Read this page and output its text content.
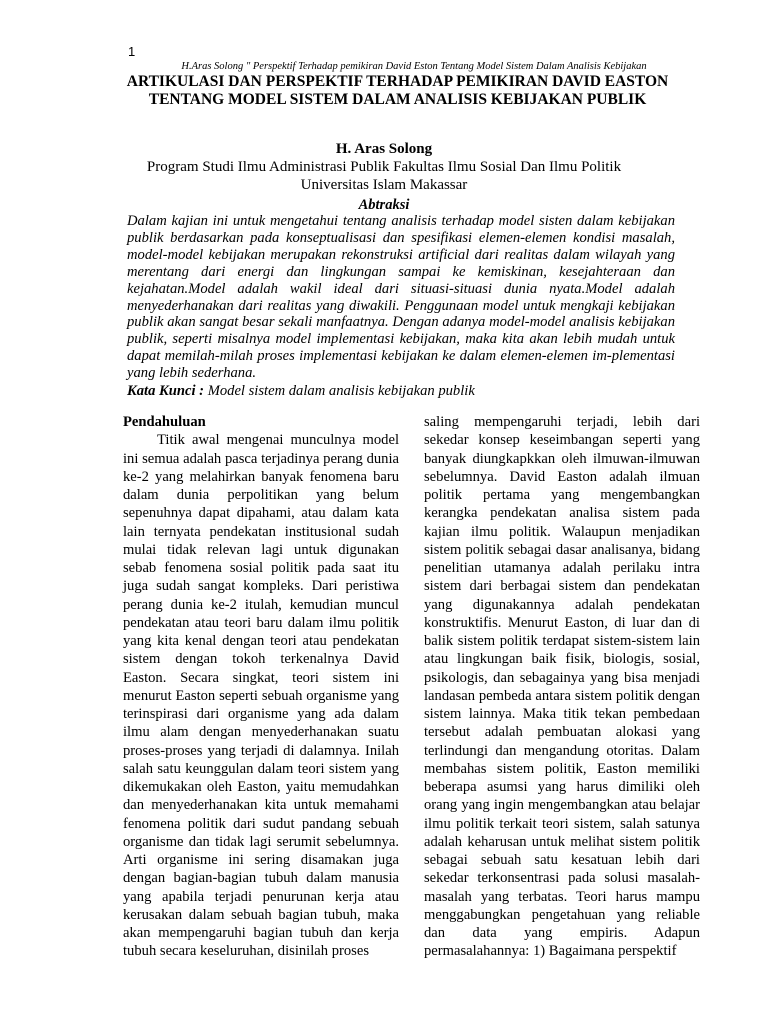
1
H.Aras Solong " Perspektif Terhadap pemikiran David Eston Tentang Model Sistem Dalam Analisis Kebijakan
ARTIKULASI DAN PERSPEKTIF TERHADAP PEMIKIRAN DAVID EASTON TENTANG MODEL SISTEM DALAM ANALISIS KEBIJAKAN PUBLIK
H. Aras Solong
Program Studi Ilmu Administrasi Publik Fakultas Ilmu Sosial Dan Ilmu Politik
Universitas Islam Makassar
Abtraksi
Dalam kajian ini untuk mengetahui tentang analisis terhadap model sisten dalam kebijakan publik berdasarkan pada konseptualisasi dan spesifikasi elemen-elemen kondisi masalah, model-model kebijakan merupakan rekonstruksi artificial dari realitas dalam wilayah yang merentang dari energi dan lingkungan sampai ke kemiskinan, kesejahteraan dan kejahatan.Model adalah wakil ideal dari situasi-situasi dunia nyata.Model adalah menyederhanakan dari realitas yang diwakili. Penggunaan model untuk mengkaji kebijakan publik akan sangat besar sekali manfaatnya. Dengan adanya model-model analisis kebijakan publik, seperti misalnya model implementasi kebijakan, maka kita akan lebih mudah untuk dapat memilah-milah proses implementasi kebijakan ke dalam elemen-elemen im-plementasi yang lebih sederhana.
Kata Kunci : Model sistem dalam analisis kebijakan publik

Pendahuluan

Titik awal mengenai munculnya model ini semua adalah pasca terjadinya perang dunia ke-2 yang melahirkan banyak fenomena baru dalam dunia perpolitikan yang belum sepenuhnya dapat dipahami, atau dalam kata lain ternyata pendekatan institusional sudah mulai tidak relevan lagi untuk digunakan sebab fenomena sosial politik pada saat itu juga sudah sangat kompleks. Dari peristiwa perang dunia ke-2 itulah, kemudian muncul pendekatan atau teori baru dalam ilmu politik yang kita kenal dengan teori atau pendekatan sistem dengan tokoh terkenalnya David Easton. Secara singkat, teori sistem ini menurut Easton seperti sebuah organisme yang terinspirasi dari organisme yang ada dalam ilmu alam dengan menyederhanakan suatu proses-proses yang terjadi di dalamnya. Inilah salah satu keunggulan dalam teori sistem yang dikemukakan oleh Easton, yaitu memudahkan dan menyederhanakan kita untuk memahami fenomena politik dari sudut pandang sebuah organisme dan tidak lagi serumit sebelumnya. Arti organisme ini sering disamakan juga dengan bagian-bagian tubuh dalam manusia yang apabila terjadi penurunan kerja atau kerusakan dalam sebuah bagian tubuh, maka akan mempengaruhi bagian tubuh dan kerja tubuh secara keseluruhan, disinilah proses

saling mempengaruhi terjadi, lebih dari sekedar konsep keseimbangan seperti yang banyak diungkapkkan oleh ilmuwan-ilmuwan sebelumnya. David Easton adalah ilmuan politik pertama yang mengembangkan kerangka pendekatan analisa sistem pada kajian ilmu politik. Walaupun menjadikan sistem politik sebagai dasar analisanya, bidang penelitian utamanya adalah perilaku intra sistem dari berbagai sistem dan pendekatan yang digunakannya adalah pendekatan konstruktifis. Menurut Easton, di luar dan di balik sistem politik terdapat sistem-sistem lain atau lingkungan baik fisik, biologis, sosial, psikologis, dan sebagainya yang bisa menjadi landasan pembeda antara sistem politik dengan sistem lainnya. Maka titik tekan pembedaan tersebut adalah pembuatan alokasi yang terlindungi dan mengandung otoritas. Dalam membahas sistem politik, Easton memiliki beberapa asumsi yang harus dimiliki oleh orang yang ingin mengembangkan atau belajar ilmu politik terkait teori sistem, salah satunya adalah keharusan untuk melihat sistem politik sebagai sebuah satu kesatuan lebih dari sekedar terkonsentrasi pada solusi masalah-masalah yang terbatas. Teori harus mampu menggabungkan pengetahuan yang reliable dan data yang empiris. Adapun permasalahannya: 1) Bagaimana perspektif
